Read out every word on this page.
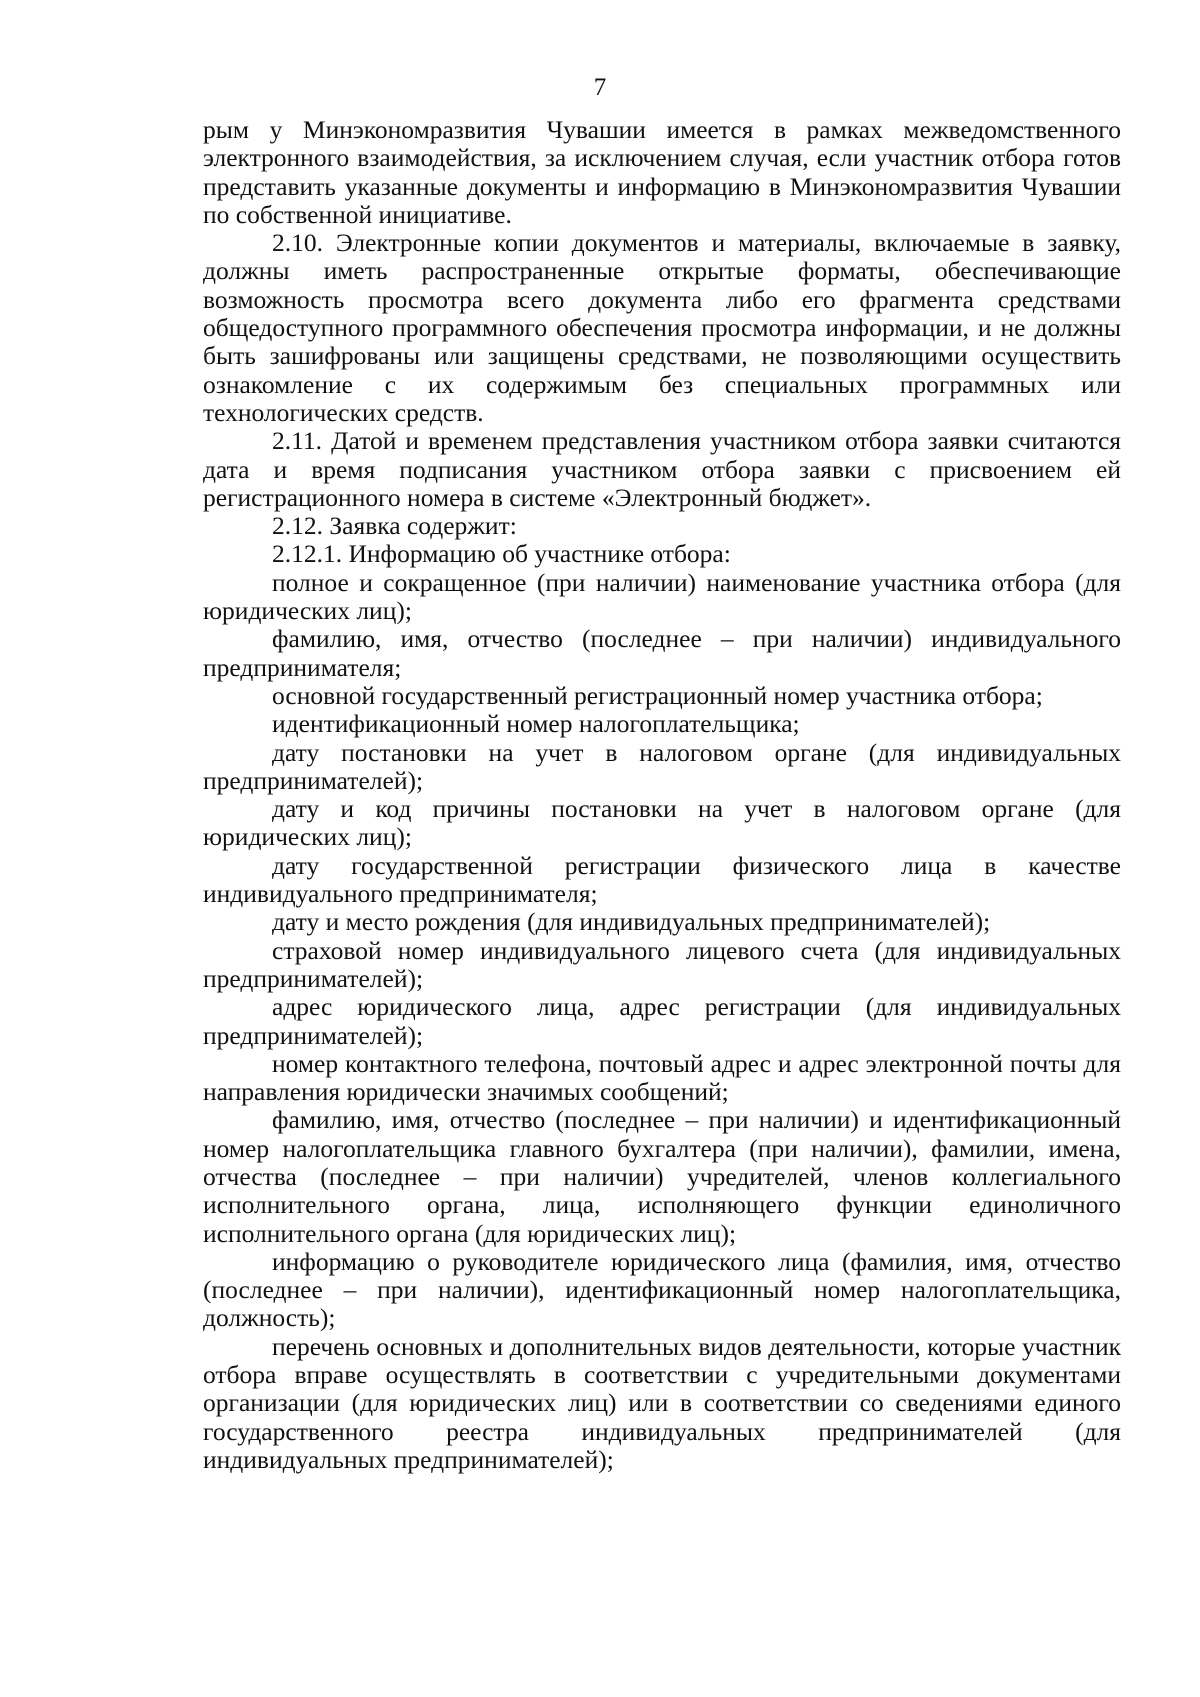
7

рым у Минэкономразвития Чувашии имеется в рамках межведомственного электронного взаимодействия, за исключением случая, если участник отбора готов представить указанные документы и информацию в Минэкономразвития Чувашии по собственной инициативе.

2.10. Электронные копии документов и материалы, включаемые в заявку, должны иметь распространенные открытые форматы, обеспечивающие возможность просмотра всего документа либо его фрагмента средствами общедоступного программного обеспечения просмотра информации, и не должны быть зашифрованы или защищены средствами, не позволяющими осуществить ознакомление с их содержимым без специальных программных или технологических средств.

2.11. Датой и временем представления участником отбора заявки считаются дата и время подписания участником отбора заявки с присвоением ей регистрационного номера в системе «Электронный бюджет».

2.12. Заявка содержит:

2.12.1. Информацию об участнике отбора:

полное и сокращенное (при наличии) наименование участника отбора (для юридических лиц);

фамилию, имя, отчество (последнее – при наличии) индивидуального предпринимателя;

основной государственный регистрационный номер участника отбора;

идентификационный номер налогоплательщика;

дату постановки на учет в налоговом органе (для индивидуальных предпринимателей);

дату и код причины постановки на учет в налоговом органе (для юридических лиц);

дату государственной регистрации физического лица в качестве индивидуального предпринимателя;

дату и место рождения (для индивидуальных предпринимателей);

страховой номер индивидуального лицевого счета (для индивидуальных предпринимателей);

адрес юридического лица, адрес регистрации (для индивидуальных предпринимателей);

номер контактного телефона, почтовый адрес и адрес электронной почты для направления юридически значимых сообщений;

фамилию, имя, отчество (последнее – при наличии) и идентификационный номер налогоплательщика главного бухгалтера (при наличии), фамилии, имена, отчества (последнее – при наличии) учредителей, членов коллегиального исполнительного органа, лица, исполняющего функции единоличного исполнительного органа (для юридических лиц);

информацию о руководителе юридического лица (фамилия, имя, отчество (последнее – при наличии), идентификационный номер налогоплательщика, должность);

перечень основных и дополнительных видов деятельности, которые участник отбора вправе осуществлять в соответствии с учредительными документами организации (для юридических лиц) или в соответствии со сведениями единого государственного реестра индивидуальных предпринимателей (для индивидуальных предпринимателей);
